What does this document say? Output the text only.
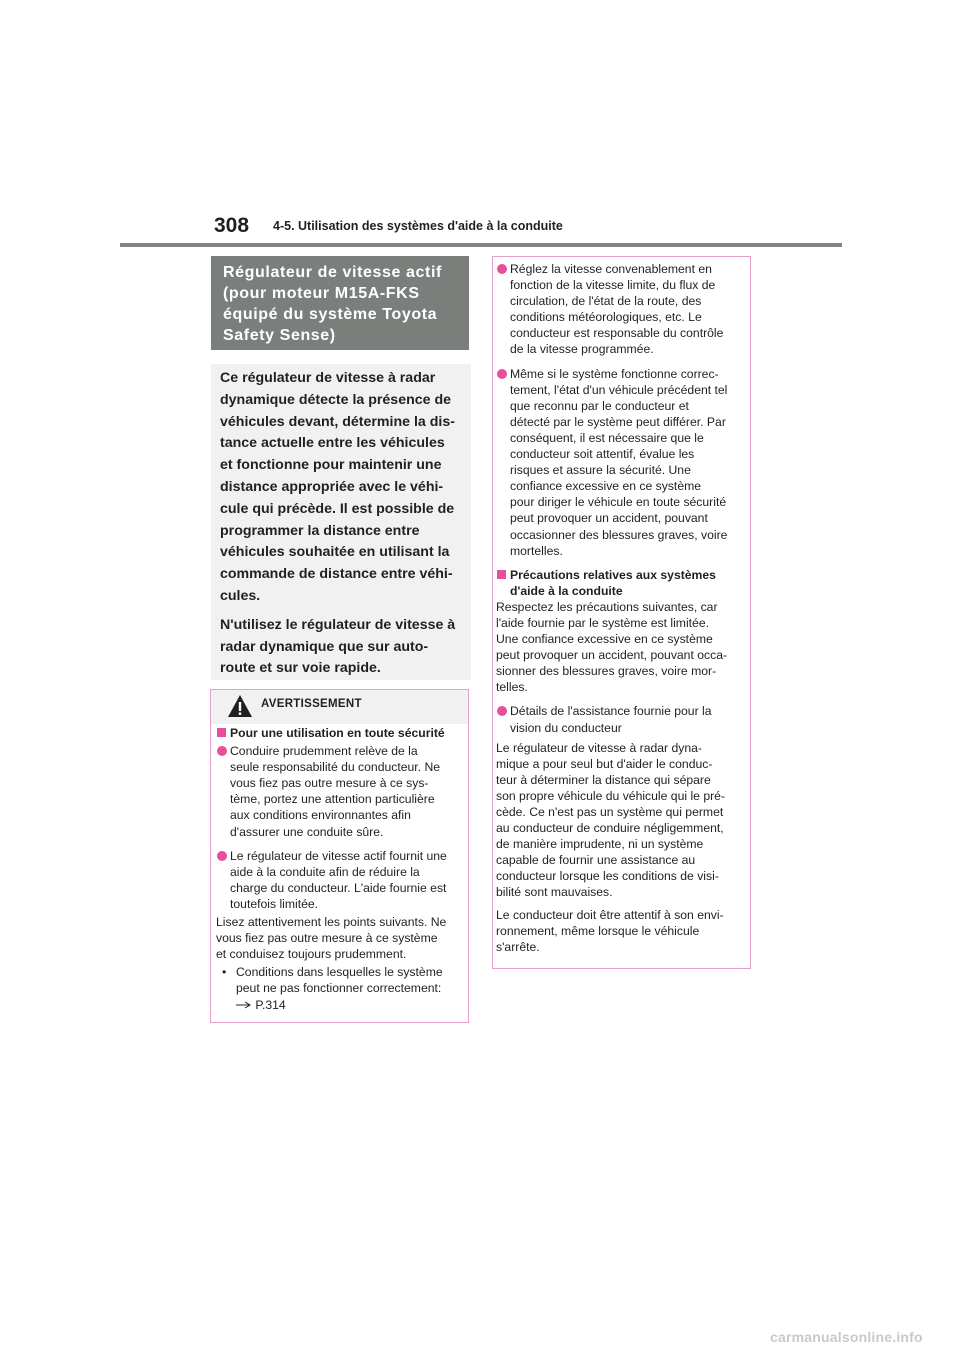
308 4-5. Utilisation des systèmes d'aide à la conduite
Régulateur de vitesse actif
(pour moteur M15A-FKS
équipé du système Toyota
Safety Sense)

Ce régulateur de vitesse à radar
dynamique détecte la présence de
véhicules devant, détermine la dis-
tance actuelle entre les véhicules
et fonctionne pour maintenir une
distance appropriée avec le véhi-
cule qui précède. Il est possible de
programmer la distance entre
véhicules souhaitée en utilisant la
commande de distance entre véhi-
cules.

N'utilisez le régulateur de vitesse à
radar dynamique que sur auto-
route et sur voie rapide.

AVERTISSEMENT
Pour une utilisation en toute sécurité
Conduire prudemment relève de la
seule responsabilité du conducteur. Ne
vous fiez pas outre mesure à ce sys-
tème, portez une attention particulière
aux conditions environnantes afin
d'assurer une conduite sûre.
Le régulateur de vitesse actif fournit une
aide à la conduite afin de réduire la
charge du conducteur. L'aide fournie est
toutefois limitée.
Lisez attentivement les points suivants. Ne
vous fiez pas outre mesure à ce système
et conduisez toujours prudemment.
• Conditions dans lesquelles le système
peut ne pas fonctionner correctement:
P.314
Réglez la vitesse convenablement en
fonction de la vitesse limite, du flux de
circulation, de l'état de la route, des
conditions météorologiques, etc. Le
conducteur est responsable du contrôle
de la vitesse programmée.
Même si le système fonctionne correc-
tement, l'état d'un véhicule précédent tel
que reconnu par le conducteur et
détecté par le système peut différer. Par
conséquent, il est nécessaire que le
conducteur soit attentif, évalue les
risques et assure la sécurité. Une
confiance excessive en ce système
pour diriger le véhicule en toute sécurité
peut provoquer un accident, pouvant
occasionner des blessures graves, voire
mortelles.
Précautions relatives aux systèmes
d'aide à la conduite
Respectez les précautions suivantes, car
l'aide fournie par le système est limitée.
Une confiance excessive en ce système
peut provoquer un accident, pouvant occa-
sionner des blessures graves, voire mor-
telles.
Détails de l'assistance fournie pour la
vision du conducteur
Le régulateur de vitesse à radar dyna-
mique a pour seul but d'aider le conduc-
teur à déterminer la distance qui sépare
son propre véhicule du véhicule qui le pré-
cède. Ce n'est pas un système qui permet
au conducteur de conduire négligemment,
de manière imprudente, ni un système
capable de fournir une assistance au
conducteur lorsque les conditions de visi-
bilité sont mauvaises.
Le conducteur doit être attentif à son envi-
ronnement, même lorsque le véhicule
s'arrête.
carmanualsonline.info
